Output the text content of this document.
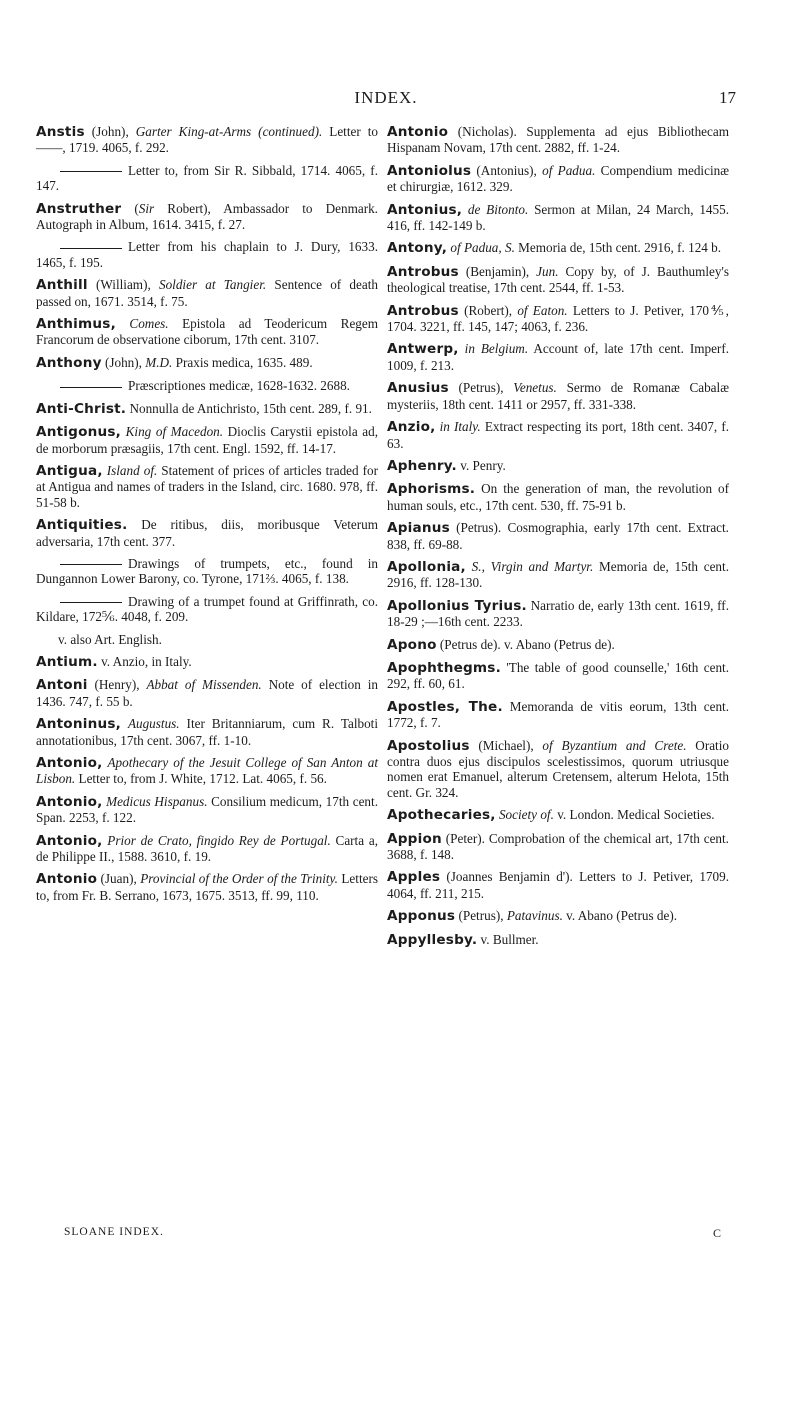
INDEX.	17
Anstis (John), Garter King-at-Arms (continued). Letter to ——, 1719. 4065, f. 292.
Letter to, from Sir R. Sibbald, 1714. 4065, f. 147.
Anstruther (Sir Robert), Ambassador to Denmark. Autograph in Album, 1614. 3415, f. 27.
Letter from his chaplain to J. Dury, 1633. 1465, f. 195.
Anthill (William), Soldier at Tangier. Sentence of death passed on, 1671. 3514, f. 75.
Anthimus, Comes. Epistola ad Teodericum Regem Francorum de observatione ciborum, 17th cent. 3107.
Anthony (John), M.D. Praxis medica, 1635. 489.
Præscriptiones medicæ, 1628-1632. 2688.
Anti-Christ. Nonnulla de Antichristo, 15th cent. 289, f. 91.
Antigonus, King of Macedon. Dioclis Carystii epistola ad, de morborum præsagiis, 17th cent. Engl. 1592, ff. 14-17.
Antigua, Island of. Statement of prices of articles traded for at Antigua and names of traders in the Island, circ. 1680. 978, ff. 51-58 b.
Antiquities. De ritibus, diis, moribusque Veterum adversaria, 17th cent. 377.
Drawings of trumpets, etc., found in Dungannon Lower Barony, co. Tyrone, 171⅔. 4065, f. 138.
Drawing of a trumpet found at Griffinrath, co. Kildare, 172⅚. 4048, f. 209.
v. also Art. English.
Antium. v. Anzio, in Italy.
Antoni (Henry), Abbat of Missenden. Note of election in 1436. 747, f. 55 b.
Antoninus, Augustus. Iter Britanniarum, cum R. Talboti annotationibus, 17th cent. 3067, ff. 1-10.
Antonio, Apothecary of the Jesuit College of San Anton at Lisbon. Letter to, from J. White, 1712. Lat. 4065, f. 56.
Antonio, Medicus Hispanus. Consilium medicum, 17th cent. Span. 2253, f. 122.
Antonio, Prior de Crato, fingido Rey de Portugal. Carta a, de Philippe II., 1588. 3610, f. 19.
Antonio (Juan), Provincial of the Order of the Trinity. Letters to, from Fr. B. Serrano, 1673, 1675. 3513, ff. 99, 110.
Antonio (Nicholas). Supplementa ad ejus Bibliothecam Hispanam Novam, 17th cent. 2882, ff. 1-24.
Antoniolus (Antonius), of Padua. Compendium medicinæ et chirurgiæ, 1612. 329.
Antonius, de Bitonto. Sermon at Milan, 24 March, 1455. 416, ff. 142-149 b.
Antony, of Padua, S. Memoria de, 15th cent. 2916, f. 124 b.
Antrobus (Benjamin), Jun. Copy by, of J. Bauthumley's theological treatise, 17th cent. 2544, ff. 1-53.
Antrobus (Robert), of Eaton. Letters to J. Petiver, 170⅘, 1704. 3221, ff. 145, 147; 4063, f. 236.
Antwerp, in Belgium. Account of, late 17th cent. Imperf. 1009, f. 213.
Anusius (Petrus), Venetus. Sermo de Romanæ Cabalæ mysteriis, 18th cent. 1411 or 2957, ff. 331-338.
Anzio, in Italy. Extract respecting its port, 18th cent. 3407, f. 63.
Aphenry. v. Penry.
Aphorisms. On the generation of man, the revolution of human souls, etc., 17th cent. 530, ff. 75-91 b.
Apianus (Petrus). Cosmographia, early 17th cent. Extract. 838, ff. 69-88.
Apollonia, S., Virgin and Martyr. Memoria de, 15th cent. 2916, ff. 128-130.
Apollonius Tyrius. Narratio de, early 13th cent. 1619, ff. 18-29 ;—16th cent. 2233.
Apono (Petrus de). v. Abano (Petrus de).
Apophthegms. 'The table of good counselle,' 16th cent. 292, ff. 60, 61.
Apostles, The. Memoranda de vitis eorum, 13th cent. 1772, f. 7.
Apostolius (Michael), of Byzantium and Crete. Oratio contra duos ejus discipulos scelestissimos, quorum utriusque nomen erat Emanuel, alterum Cretensem, alterum Helota, 15th cent. Gr. 324.
Apothecaries, Society of. v. London. Medical Societies.
Appion (Peter). Comprobation of the chemical art, 17th cent. 3688, f. 148.
Apples (Joannes Benjamin d'). Letters to J. Petiver, 1709. 4064, ff. 211, 215.
Apponus (Petrus), Patavinus. v. Abano (Petrus de).
Appyllesby. v. Bullmer.
SLOANE INDEX.	C
